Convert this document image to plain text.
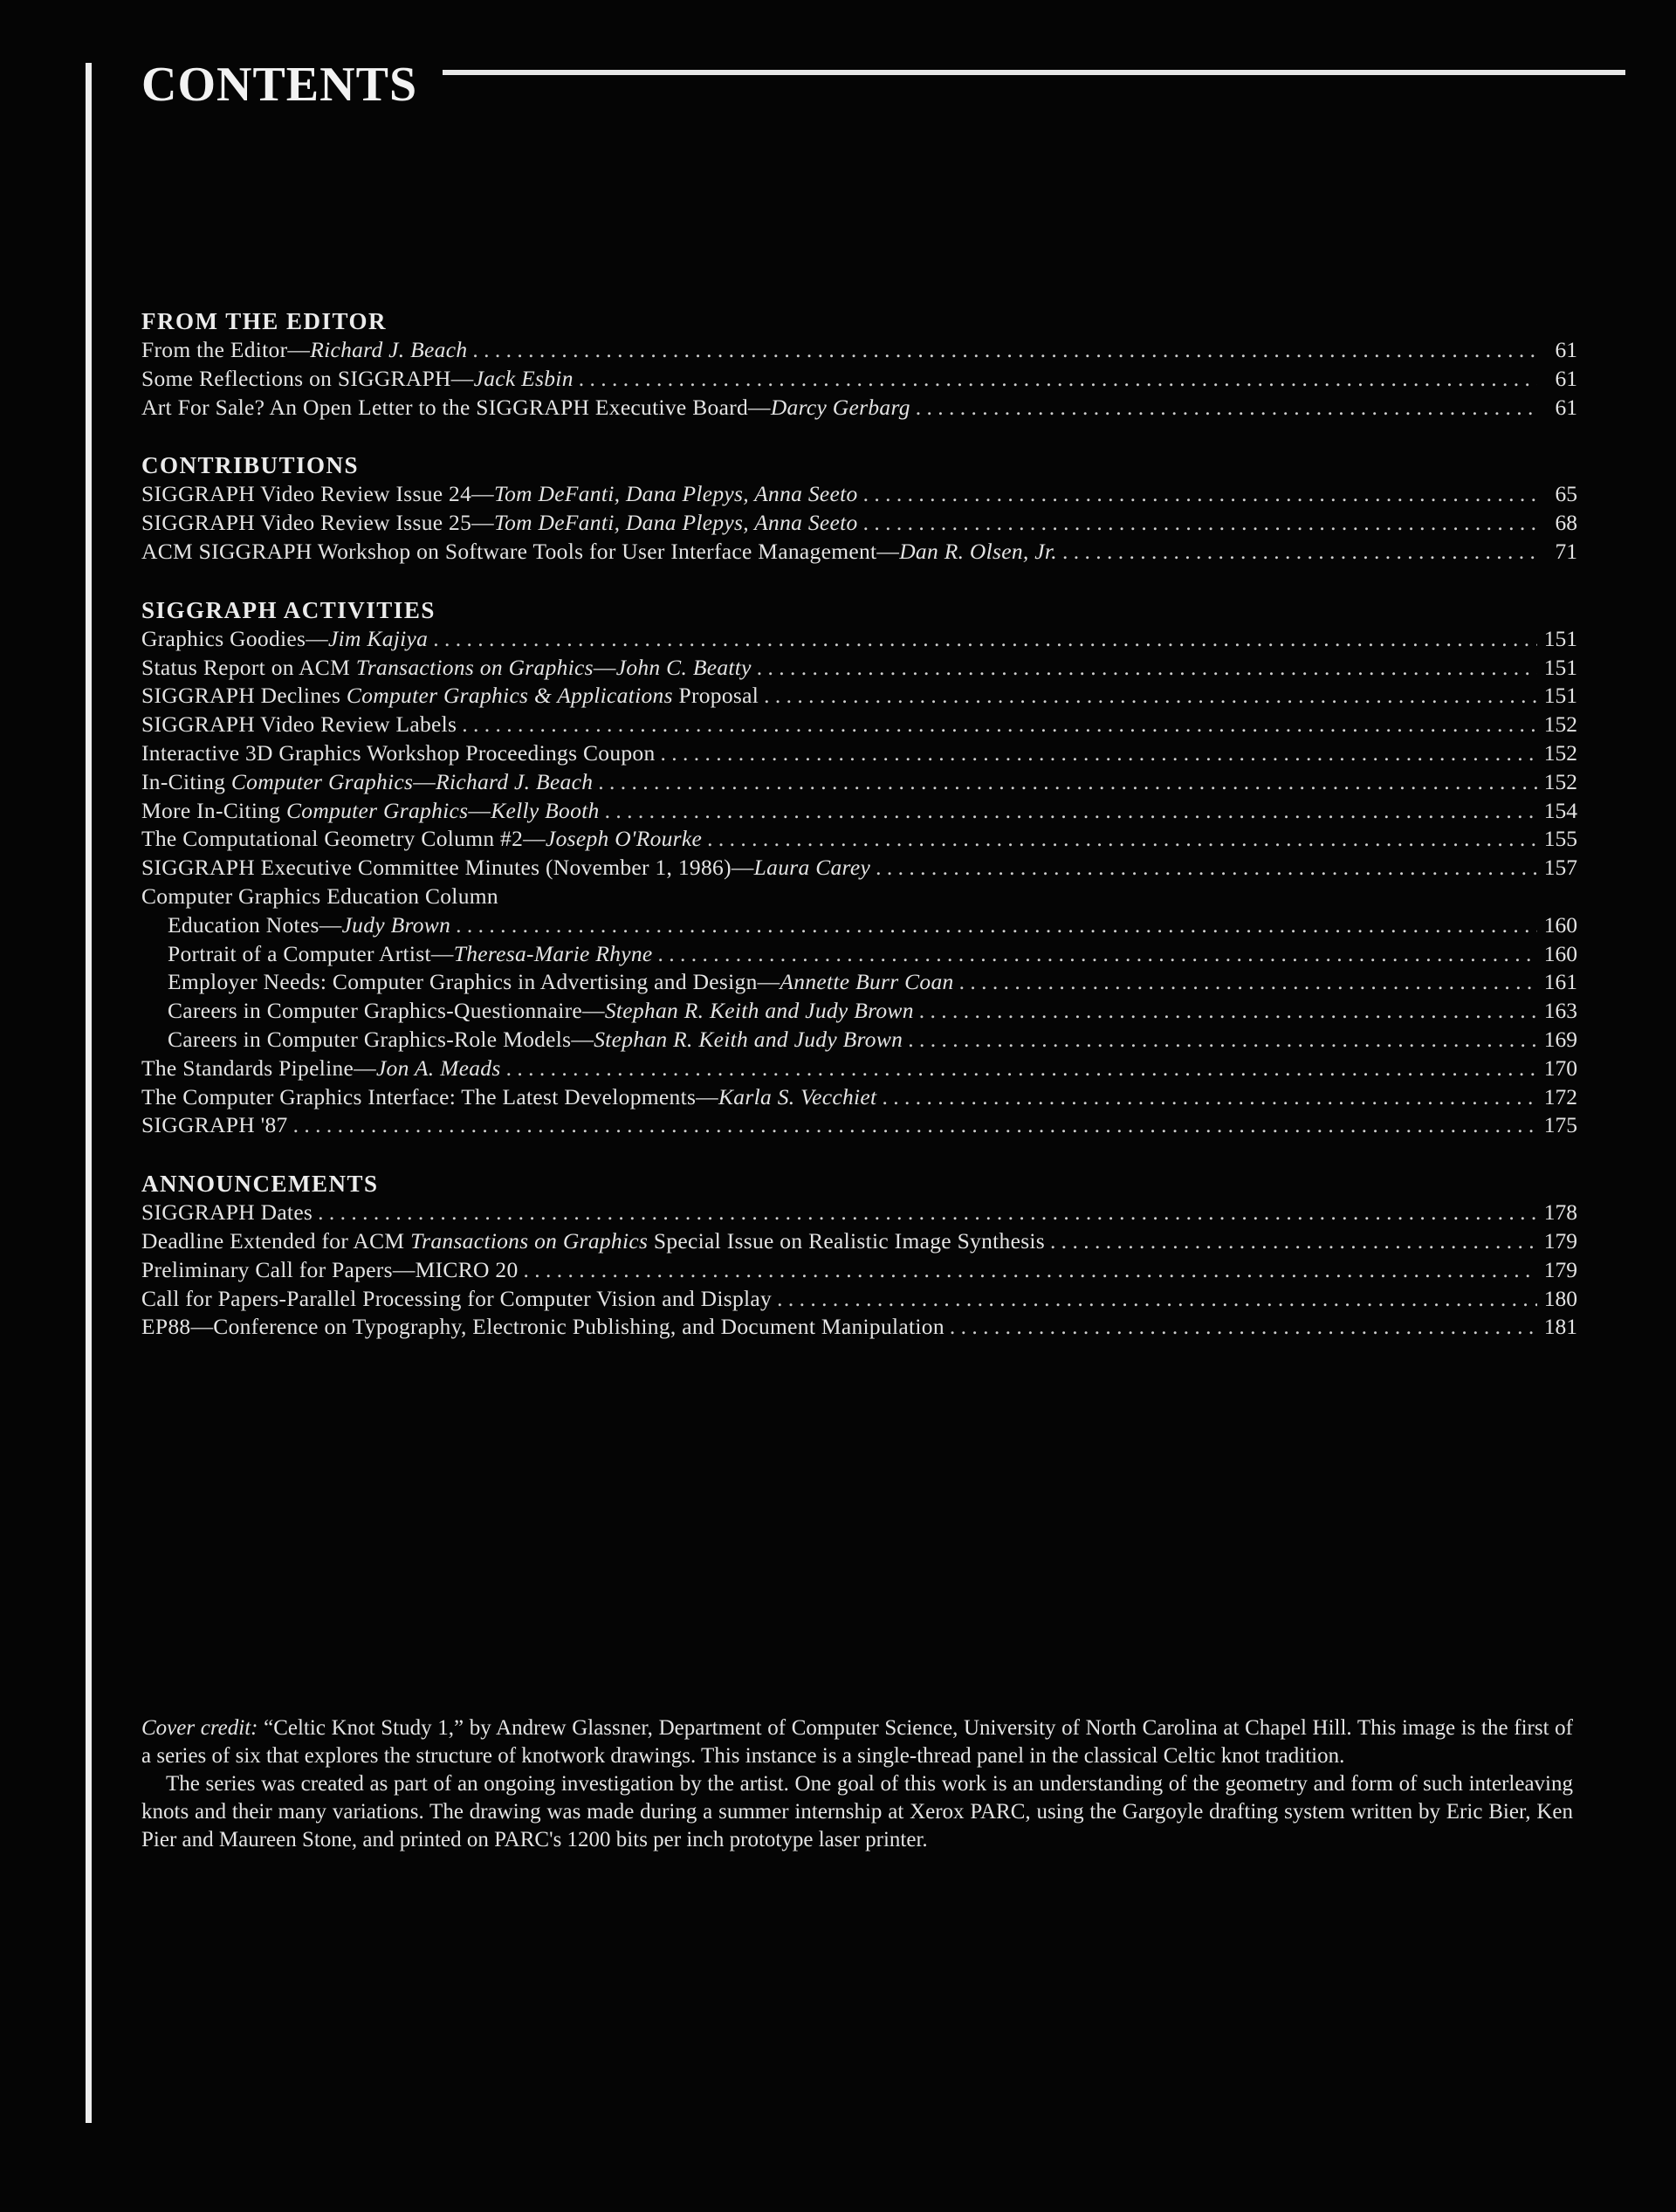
CONTENTS
FROM THE EDITOR
From the Editor—Richard J. Beach . . .	61
Some Reflections on SIGGRAPH—Jack Esbin . . .	61
Art For Sale? An Open Letter to the SIGGRAPH Executive Board—Darcy Gerbarg . . .	61
CONTRIBUTIONS
SIGGRAPH Video Review Issue 24—Tom DeFanti, Dana Plepys, Anna Seeto . . .	65
SIGGRAPH Video Review Issue 25—Tom DeFanti, Dana Plepys, Anna Seeto . . .	68
ACM SIGGRAPH Workshop on Software Tools for User Interface Management—Dan R. Olsen, Jr. . . .	71
SIGGRAPH ACTIVITIES
Graphics Goodies—Jim Kajiya . . .	151
Status Report on ACM Transactions on Graphics—John C. Beatty . . .	151
SIGGRAPH Declines Computer Graphics & Applications Proposal . . .	151
SIGGRAPH Video Review Labels . . .	152
Interactive 3D Graphics Workshop Proceedings Coupon . . .	152
In-Citing Computer Graphics—Richard J. Beach . . .	152
More In-Citing Computer Graphics—Kelly Booth . . .	154
The Computational Geometry Column #2—Joseph O'Rourke . . .	155
SIGGRAPH Executive Committee Minutes (November 1, 1986)—Laura Carey . . .	157
Computer Graphics Education Column
Education Notes—Judy Brown . . .	160
Portrait of a Computer Artist—Theresa-Marie Rhyne . . .	160
Employer Needs: Computer Graphics in Advertising and Design—Annette Burr Coan . . .	161
Careers in Computer Graphics-Questionnaire—Stephan R. Keith and Judy Brown . . .	163
Careers in Computer Graphics-Role Models—Stephan R. Keith and Judy Brown . . .	169
The Standards Pipeline—Jon A. Meads . . .	170
The Computer Graphics Interface: The Latest Developments—Karla S. Vecchiet . . .	172
SIGGRAPH '87 . . .	175
ANNOUNCEMENTS
SIGGRAPH Dates . . .	178
Deadline Extended for ACM Transactions on Graphics Special Issue on Realistic Image Synthesis . . .	179
Preliminary Call for Papers—MICRO 20 . . .	179
Call for Papers-Parallel Processing for Computer Vision and Display . . .	180
EP88—Conference on Typography, Electronic Publishing, and Document Manipulation . . .	181

Cover credit: “Celtic Knot Study 1,” by Andrew Glassner, Department of Computer Science, University of North Carolina at Chapel Hill. This image is the first of a series of six that explores the structure of knotwork drawings. This instance is a single-thread panel in the classical Celtic knot tradition.

The series was created as part of an ongoing investigation by the artist. One goal of this work is an understanding of the geometry and form of such interleaving knots and their many variations. The drawing was made during a summer internship at Xerox PARC, using the Gargoyle drafting system written by Eric Bier, Ken Pier and Maureen Stone, and printed on PARC's 1200 bits per inch prototype laser printer.
